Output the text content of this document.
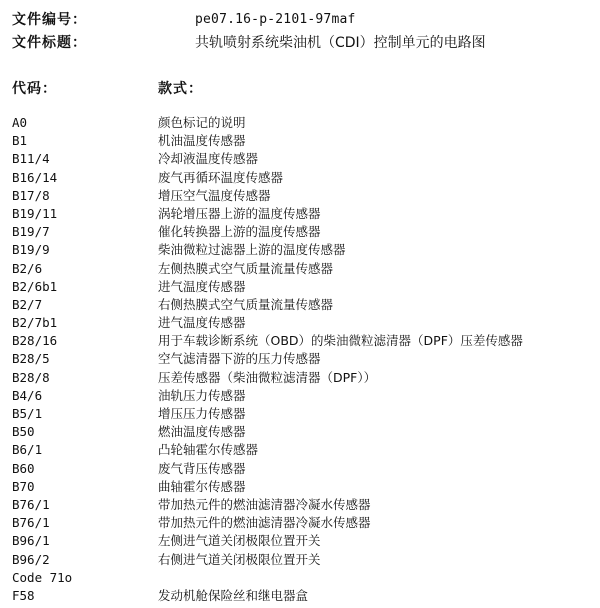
文件编号：	pe07.16-p-2101-97maf
文件标题：	共轨喷射系统柴油机（CDI）控制单元的电路图
代码：	款式：
A0	颜色标记的说明
B1	机油温度传感器
B11/4	冷却液温度传感器
B16/14	废气再循环温度传感器
B17/8	增压空气温度传感器
B19/11	涡轮增压器上游的温度传感器
B19/7	催化转换器上游的温度传感器
B19/9	柴油微粒过滤器上游的温度传感器
B2/6	左侧热膜式空气质量流量传感器
B2/6b1	进气温度传感器
B2/7	右侧热膜式空气质量流量传感器
B2/7b1	进气温度传感器
B28/16	用于车载诊断系统（OBD）的柴油微粒滤清器（DPF）压差传感器
B28/5	空气滤清器下游的压力传感器
B28/8	压差传感器（柴油微粒滤清器（DPF））
B4/6	油轨压力传感器
B5/1	增压压力传感器
B50	燃油温度传感器
B6/1	凸轮轴霍尔传感器
B60	废气背压传感器
B70	曲轴霍尔传感器
B76/1	带加热元件的燃油滤清器冷凝水传感器
B76/1	带加热元件的燃油滤清器冷凝水传感器
B96/1	左侧进气道关闭极限位置开关
B96/2	右侧进气道关闭极限位置开关
Code 71o
F58	发动机舱保险丝和继电器盒
